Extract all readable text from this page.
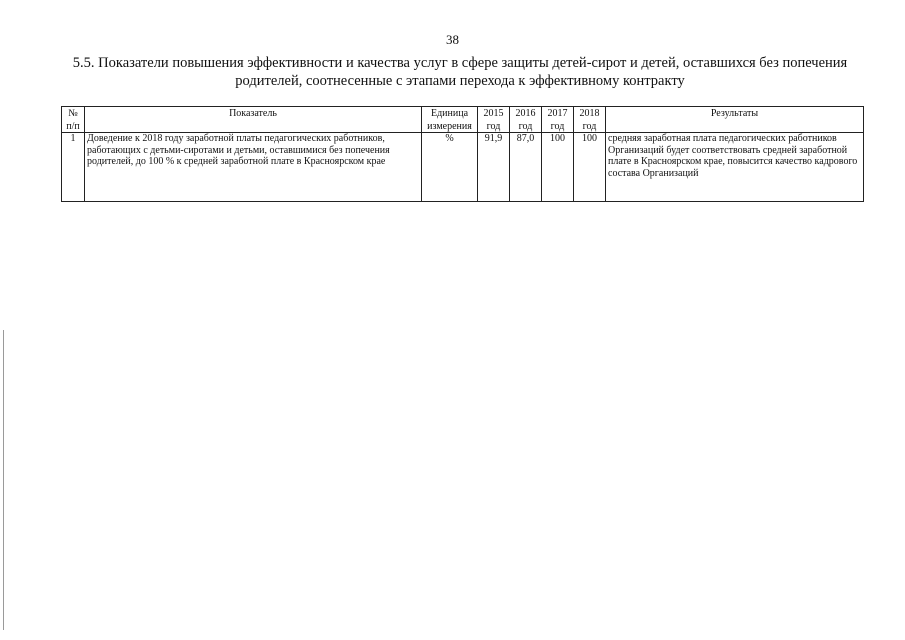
38
5.5. Показатели повышения эффективности и качества услуг в сфере защиты детей-сирот и детей, оставшихся без попечения
родителей, соотнесенные с этапами перехода к эффективному контракту
№	Показатель	Единица	2015	2016	2017	2018	Результаты
п/п		измерения	год	год	год	год	
1	Доведение к 2018 году заработной платы педагогических работников, работающих с детьми-сиротами и детьми, оставшимися без попечения родителей, до 100 % к средней заработной плате в Красноярском крае	%	91,9	87,0	100	100	средняя заработная плата педагогических работников Организаций будет соответствовать средней заработной плате в Красноярском крае, повысится качество кадрового состава Организаций
